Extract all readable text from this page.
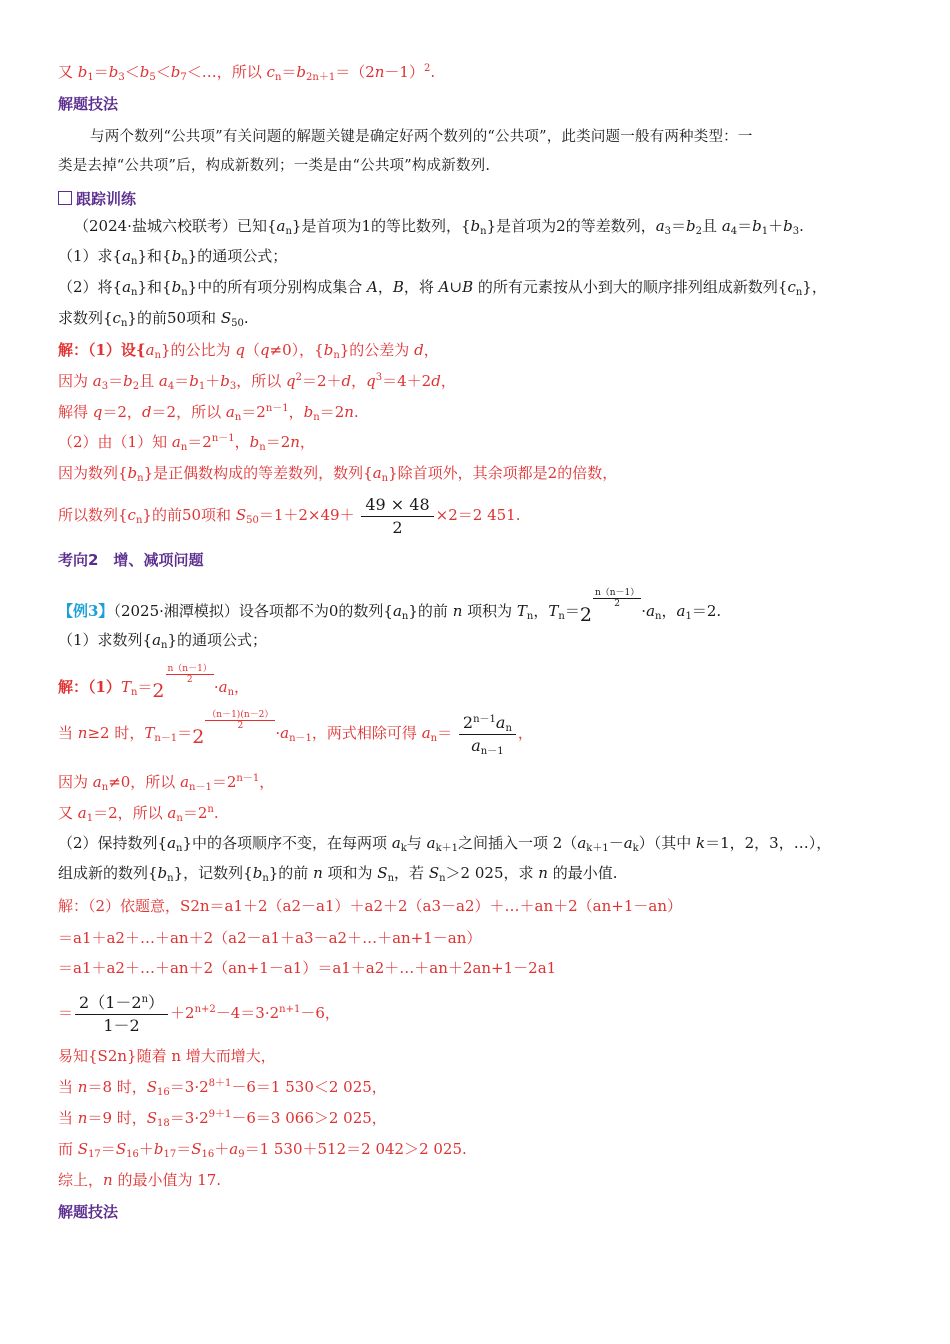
又 $b_1=b_3<b_5<b_7<\dots$，所以 $c_n=b_{2n+1}=(2n-1)^2$.
解题技法
与两个数列“公共项”有关问题的解题关键是确定好两个数列的“公共项”，此类问题一般有两种类型：一
类是去掉“公共项”后，构成新数列；一类是由“公共项”构成新数列.
跟踪训练
（2024·盐城六校联考）已知$\{a_n\}$是首项为1的等比数列，$\{b_n\}$是首项为2的等差数列，$a_3=b_2$且 $a_4=b_1+b_3$.
（1）求$\{a_n\}$和$\{b_n\}$的通项公式；
（2）将$\{a_n\}$和$\{b_n\}$中的所有项分别构成集合 A，B，将 A∪B 的所有元素按从小到大的顺序排列组成新数列$\{c_n\}$，
求数列$\{c_n\}$的前50项和 $S_{50}$.
解：（1）设$\{a_n\}$的公比为 q（q≠0），$\{b_n\}$的公差为 d，
因为 $a_3=b_2$且 $a_4=b_1+b_3$，所以 $q^2=2+d$，$q^3=4+2d$，
解得 q＝2，d＝2，所以 $a_n=2^{n-1}$，$b_n=2n$.
（2）由（1）知 $a_n=2^{n-1}$，$b_n=2n$，
因为数列$\{b_n\}$是正偶数构成的等差数列，数列$\{a_n\}$除首项外，其余项都是2的倍数，
所以数列$\{c_n\}$的前50项和 $S_{50}=1+2\times 49+ \frac{49 \times 48}{2} \times 2=2$ 451.
考向2　增、减项问题
【例3】（2025·湘潭模拟）设各项都不为0的数列$\{a_n\}$的前 n 项积为 $T_n$，$T_n=2$
$\frac{n(n-1)}{2}$
$\cdot a_n$，$a_1=2$.
（1）求数列$\{a_n\}$的通项公式；
解：$(1)T_n=2$
$\frac{n(n-1)}{2}$
$\cdot a_n$，
当 n≥2 时，$T_{n-1}=2$
$\frac{(n-1)(n-2)}{2}$
$\cdot a_{n-1}$，两式相除可得 $a_n= \frac{2^{n-1}a_n}{a_{n-1}}$ ，
因为 $a_n\ne 0$，所以 $a_{n-1}=2^{n-1}$，
又 $a_1=2$，所以 $a_n=2^n$.
（2）保持数列$\{a_n\}$中的各项顺序不变，在每两项 $a_k$与 $a_{k+1}$之间插入一项 $2(a_{k+1}-a_k)$（其中 k＝1，2，3，…），
组成新的数列$\{b_n\}$，记数列$\{b_n\}$的前 n 项和为 $S_n$，若 $S_n>2$ 025，求 n 的最小值.
解：（2）依题意，S2n＝a1＋2（a2－a1）＋a2＋2（a3－a2）＋…＋an＋2（an+1－an）
＝a1＋a2＋…＋an＋2（a2－a1＋a3－a2＋…＋an+1－an）
＝a1＋a2＋…＋an＋2（an+1－a1）＝a1＋a2＋…＋an＋2an+1－2a1
＝ $\frac{2(1-2^n)}{1-2} +2^{n+2}-4=3\cdot 2^{n+1}-6$，
易知{S2n}随着 n 增大而增大，
当 n＝8 时，$S_{16}=3\cdot 2^{8+1}-6=1$ 530＜2 025，
当 n＝9 时，$S_{18}=3\cdot 2^{9+1}-6=3$ 066＞2 025，
而 $S_{17}=S_{16}+b_{17}=S_{16}+a_9=1$ 530＋512＝2 042＞2 025.
综上，n 的最小值为 17.
解题技法
